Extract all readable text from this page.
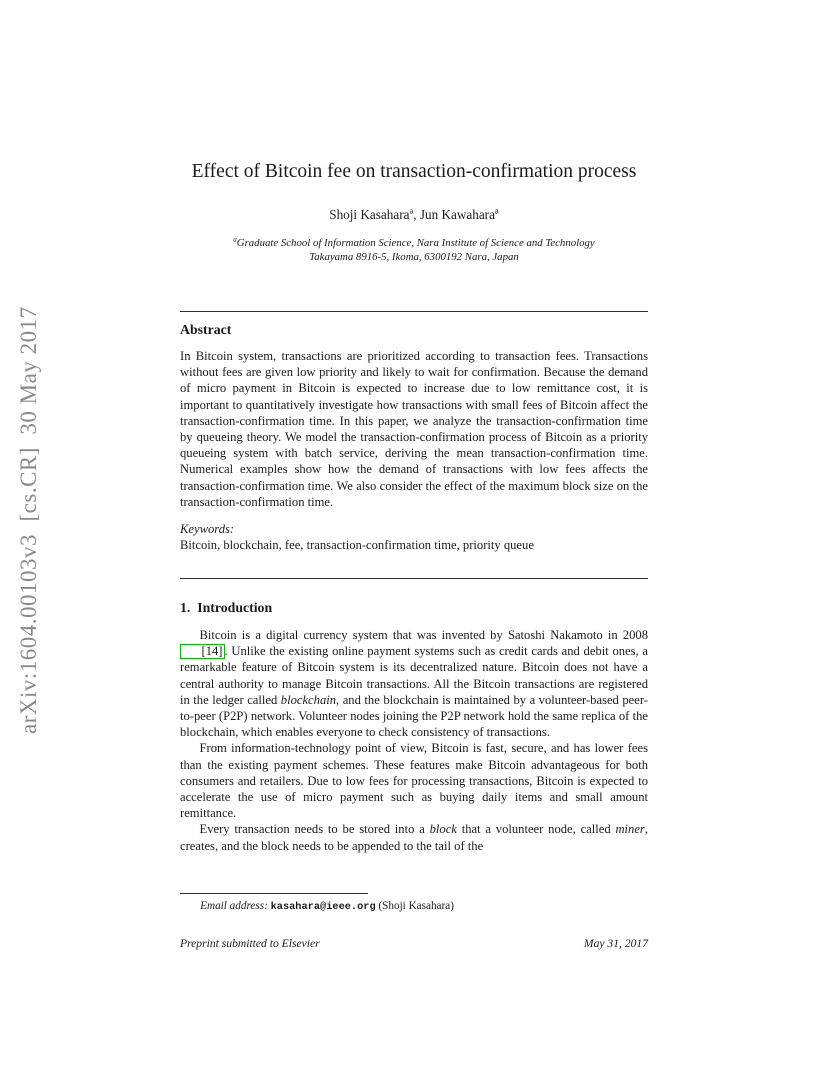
arXiv:1604.00103v3  [cs.CR]  30 May 2017
Effect of Bitcoin fee on transaction-confirmation process
Shoji Kasahara$^a$, Jun Kawahara$^a$
$^a$Graduate School of Information Science, Nara Institute of Science and Technology
Takayama 8916-5, Ikoma, 6300192 Nara, Japan
Abstract
In Bitcoin system, transactions are prioritized according to transaction fees. Transactions without fees are given low priority and likely to wait for confirmation. Because the demand of micro payment in Bitcoin is expected to increase due to low remittance cost, it is important to quantitatively investigate how transactions with small fees of Bitcoin affect the transaction-confirmation time. In this paper, we analyze the transaction-confirmation time by queueing theory. We model the transaction-confirmation process of Bitcoin as a priority queueing system with batch service, deriving the mean transaction-confirmation time. Numerical examples show how the demand of transactions with low fees affects the transaction-confirmation time. We also consider the effect of the maximum block size on the transaction-confirmation time.
Keywords:
Bitcoin, blockchain, fee, transaction-confirmation time, priority queue
1.  Introduction

Bitcoin is a digital currency system that was invented by Satoshi Nakamoto in 2008 [14] . Unlike the existing online payment systems such as credit cards and debit ones, a remarkable feature of Bitcoin system is its decentralized nature. Bitcoin does not have a central authority to manage Bitcoin transactions. All the Bitcoin transactions are registered in the ledger called blockchain, and the blockchain is maintained by a volunteer-based peer-to-peer (P2P) network. Volunteer nodes joining the P2P network hold the same replica of the blockchain, which enables everyone to check consistency of transactions.

From information-technology point of view, Bitcoin is fast, secure, and has lower fees than the existing payment schemes. These features make Bitcoin advantageous for both consumers and retailers. Due to low fees for processing transactions, Bitcoin is expected to accelerate the use of micro payment such as buying daily items and small amount remittance.

Every transaction needs to be stored into a block that a volunteer node, called miner, creates, and the block needs to be appended to the tail of the

Email address: kasahara@ieee.org (Shoji Kasahara)
Preprint submitted to Elsevier	May 31, 2017
